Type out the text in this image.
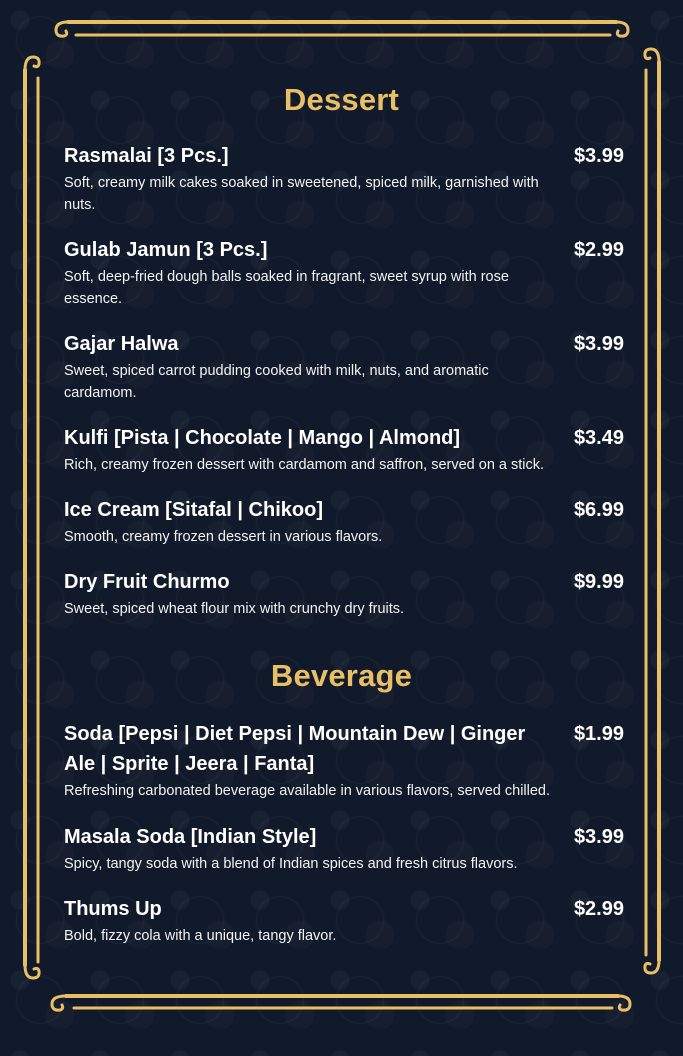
Dessert
Rasmalai [3 Pcs.]	$3.99
Soft, creamy milk cakes soaked in sweetened, spiced milk, garnished with nuts.
Gulab Jamun [3 Pcs.]	$2.99
Soft, deep-fried dough balls soaked in fragrant, sweet syrup with rose essence.
Gajar Halwa	$3.99
Sweet, spiced carrot pudding cooked with milk, nuts, and aromatic cardamom.
Kulfi [Pista | Chocolate | Mango | Almond]	$3.49
Rich, creamy frozen dessert with cardamom and saffron, served on a stick.
Ice Cream [Sitafal | Chikoo]	$6.99
Smooth, creamy frozen dessert in various flavors.
Dry Fruit Churmo	$9.99
Sweet, spiced wheat flour mix with crunchy dry fruits.
Beverage
Soda [Pepsi | Diet Pepsi | Mountain Dew | Ginger Ale | Sprite | Jeera | Fanta]
$1.99
Refreshing carbonated beverage available in various flavors, served chilled.
Masala Soda [Indian Style]	$3.99
Spicy, tangy soda with a blend of Indian spices and fresh citrus flavors.
Thums Up	$2.99
Bold, fizzy cola with a unique, tangy flavor.
